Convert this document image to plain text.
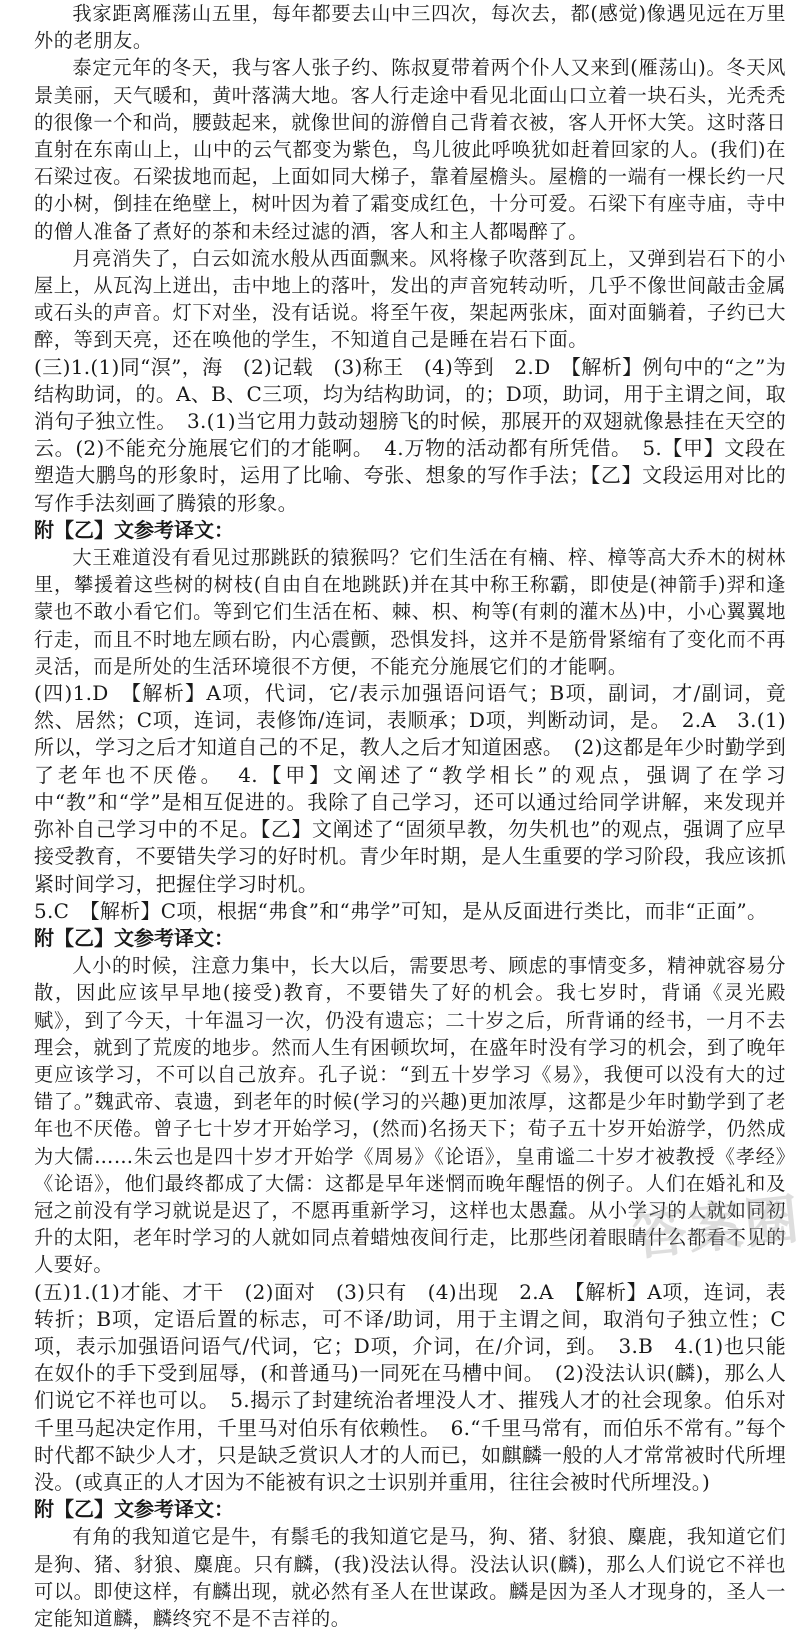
我家距离雁荡山五里，每年都要去山中三四次，每次去，都(感觉)像遇见远在万里外的老朋友。

泰定元年的冬天，我与客人张子约、陈叔夏带着两个仆人又来到(雁荡山)。冬天风景美丽，天气暖和，黄叶落满大地。客人行走途中看见北面山口立着一块石头，光秃秃的很像一个和尚，腰鼓起来，就像世间的游僧自己背着衣被，客人开怀大笑。这时落日直射在东南山上，山中的云气都变为紫色，鸟儿彼此呼唤犹如赶着回家的人。(我们)在石梁过夜。石梁拔地而起，上面如同大梯子，靠着屋檐头。屋檐的一端有一棵长约一尺的小树，倒挂在绝壁上，树叶因为着了霜变成红色，十分可爱。石梁下有座寺庙，寺中的僧人准备了煮好的茶和未经过滤的酒，客人和主人都喝醉了。

月亮消失了，白云如流水般从西面飘来。风将椽子吹落到瓦上，又弹到岩石下的小屋上，从瓦沟上迸出，击中地上的落叶，发出的声音宛转动听，几乎不像世间敲击金属或石头的声音。灯下对坐，没有话说。将至午夜，架起两张床，面对面躺着，子约已大醉，等到天亮，还在唤他的学生，不知道自己是睡在岩石下面。

(三)1.(1)同“溟”，海　(2)记载　(3)称王　(4)等到　2.D　【解析】例句中的“之”为结构助词，的。A、B、C三项，均为结构助词，的；D项，助词，用于主谓之间，取消句子独立性。　3.(1)当它用力鼓动翅膀飞的时候，那展开的双翅就像悬挂在天空的云。(2)不能充分施展它们的才能啊。　4.万物的活动都有所凭借。　5.【甲】文段在塑造大鹏鸟的形象时，运用了比喻、夸张、想象的写作手法；【乙】文段运用对比的写作手法刻画了腾猿的形象。

附【乙】文参考译文：

大王难道没有看见过那跳跃的猿猴吗？它们生活在有楠、梓、樟等高大乔木的树林里，攀援着这些树的树枝(自由自在地跳跃)并在其中称王称霸，即使是(神箭手)羿和逢蒙也不敢小看它们。等到它们生活在柘、棘、枳、枸等(有刺的灌木丛)中，小心翼翼地行走，而且不时地左顾右盼，内心震颤，恐惧发抖，这并不是筋骨紧缩有了变化而不再灵活，而是所处的生活环境很不方便，不能充分施展它们的才能啊。

(四)1.D　【解析】A项，代词，它/表示加强语问语气；B项，副词，才/副词，竟然、居然；C项，连词，表修饰/连词，表顺承；D项，判断动词，是。　2.A　3.(1)所以，学习之后才知道自己的不足，教人之后才知道困惑。　(2)这都是年少时勤学到了老年也不厌倦。　4.【甲】文阐述了“教学相长”的观点，强调了在学习中“教”和“学”是相互促进的。我除了自己学习，还可以通过给同学讲解，来发现并弥补自己学习中的不足。【乙】文阐述了“固须早教，勿失机也”的观点，强调了应早接受教育，不要错失学习的好时机。青少年时期，是人生重要的学习阶段，我应该抓紧时间学习，把握住学习时机。

5.C　【解析】C项，根据“弗食”和“弗学”可知，是从反面进行类比，而非“正面”。

附【乙】文参考译文：

人小的时候，注意力集中，长大以后，需要思考、顾虑的事情变多，精神就容易分散，因此应该早早地(接受)教育，不要错失了好的机会。我七岁时，背诵《灵光殿赋》，到了今天，十年温习一次，仍没有遗忘；二十岁之后，所背诵的经书，一月不去理会，就到了荒废的地步。然而人生有困顿坎坷，在盛年时没有学习的机会，到了晚年更应该学习，不可以自己放弃。孔子说：“到五十岁学习《易》，我便可以没有大的过错了。”魏武帝、袁遗，到老年的时候(学习的兴趣)更加浓厚，这都是少年时勤学到了老年也不厌倦。曾子七十岁才开始学习，(然而)名扬天下；荀子五十岁开始游学，仍然成为大儒……朱云也是四十岁才开始学《周易》《论语》，皇甫谧二十岁才被教授《孝经》《论语》，他们最终都成了大儒：这都是早年迷惘而晚年醒悟的例子。人们在婚礼和及冠之前没有学习就说是迟了，不愿再重新学习，这样也太愚蠢。从小学习的人就如同初升的太阳，老年时学习的人就如同点着蜡烛夜间行走，比那些闭着眼睛什么都看不见的人要好。

(五)1.(1)才能、才干　(2)面对　(3)只有　(4)出现　2.A　【解析】A项，连词，表转折；B项，定语后置的标志，可不译/助词，用于主谓之间，取消句子独立性；C项，表示加强语问语气/代词，它；D项，介词，在/介词，到。　3.B　4.(1)也只能在奴仆的手下受到屈辱，(和普通马)一同死在马槽中间。　(2)没法认识(麟)，那么人们说它不祥也可以。　5.揭示了封建统治者埋没人才、摧残人才的社会现象。伯乐对千里马起决定作用，千里马对伯乐有依赖性。　6.“千里马常有，而伯乐不常有。”每个时代都不缺少人才，只是缺乏赏识人才的人而已，如麒麟一般的人才常常被时代所埋没。(或真正的人才因为不能被有识之士识别并重用，往往会被时代所埋没。)

附【乙】文参考译文：

有角的我知道它是牛，有鬃毛的我知道它是马，狗、猪、豺狼、麋鹿，我知道它们是狗、猪、豺狼、麋鹿。只有麟，(我)没法认得。没法认识(麟)，那么人们说它不祥也可以。即使这样，有麟出现，就必然有圣人在世谋政。麟是因为圣人才现身的，圣人一定能知道麟，麟终究不是不吉祥的。

答案圈
